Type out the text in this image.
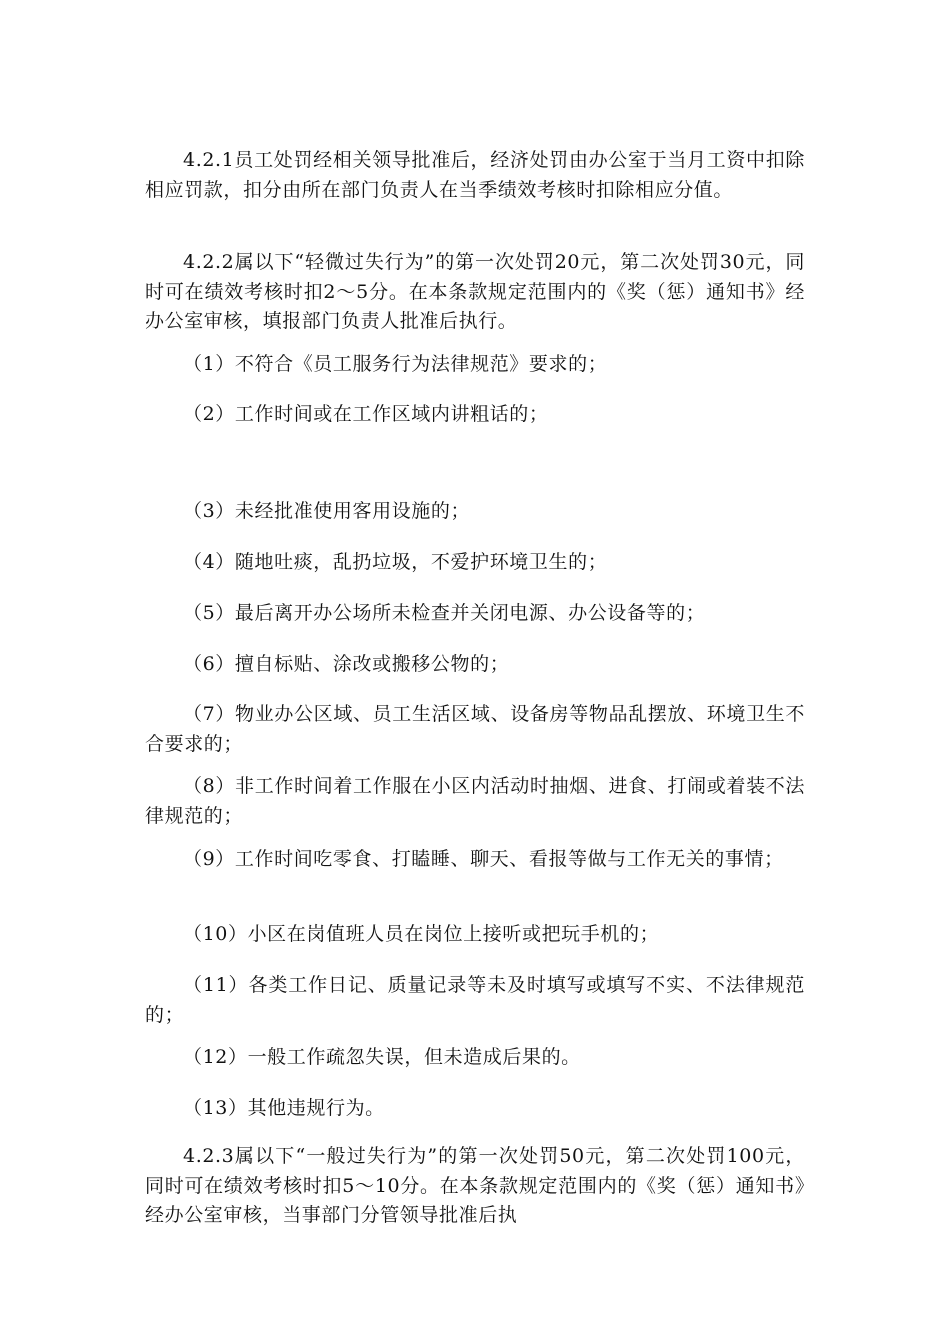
4.2.1员工处罚经相关领导批准后，经济处罚由办公室于当月工资中扣除相应罚款，扣分由所在部门负责人在当季绩效考核时扣除相应分值。

4.2.2属以下“轻微过失行为”的第一次处罚20元，第二次处罚30元，同时可在绩效考核时扣2～5分。在本条款规定范围内的《奖（惩）通知书》经办公室审核，填报部门负责人批准后执行。

（1）不符合《员工服务行为法律规范》要求的；

（2）工作时间或在工作区域内讲粗话的；

（3）未经批准使用客用设施的；

（4）随地吐痰，乱扔垃圾，不爱护环境卫生的；

（5）最后离开办公场所未检查并关闭电源、办公设备等的；

（6）擅自标贴、涂改或搬移公物的；

（7）物业办公区域、员工生活区域、设备房等物品乱摆放、环境卫生不合要求的；

（8）非工作时间着工作服在小区内活动时抽烟、进食、打闹或着装不法律规范的；

（9）工作时间吃零食、打瞌睡、聊天、看报等做与工作无关的事情；

（10）小区在岗值班人员在岗位上接听或把玩手机的；

（11）各类工作日记、质量记录等未及时填写或填写不实、不法律规范的；

（12）一般工作疏忽失误，但未造成后果的。

（13）其他违规行为。

4.2.3属以下“一般过失行为”的第一次处罚50元，第二次处罚100元，同时可在绩效考核时扣5～10分。在本条款规定范围内的《奖（惩）通知书》经办公室审核，当事部门分管领导批准后执
